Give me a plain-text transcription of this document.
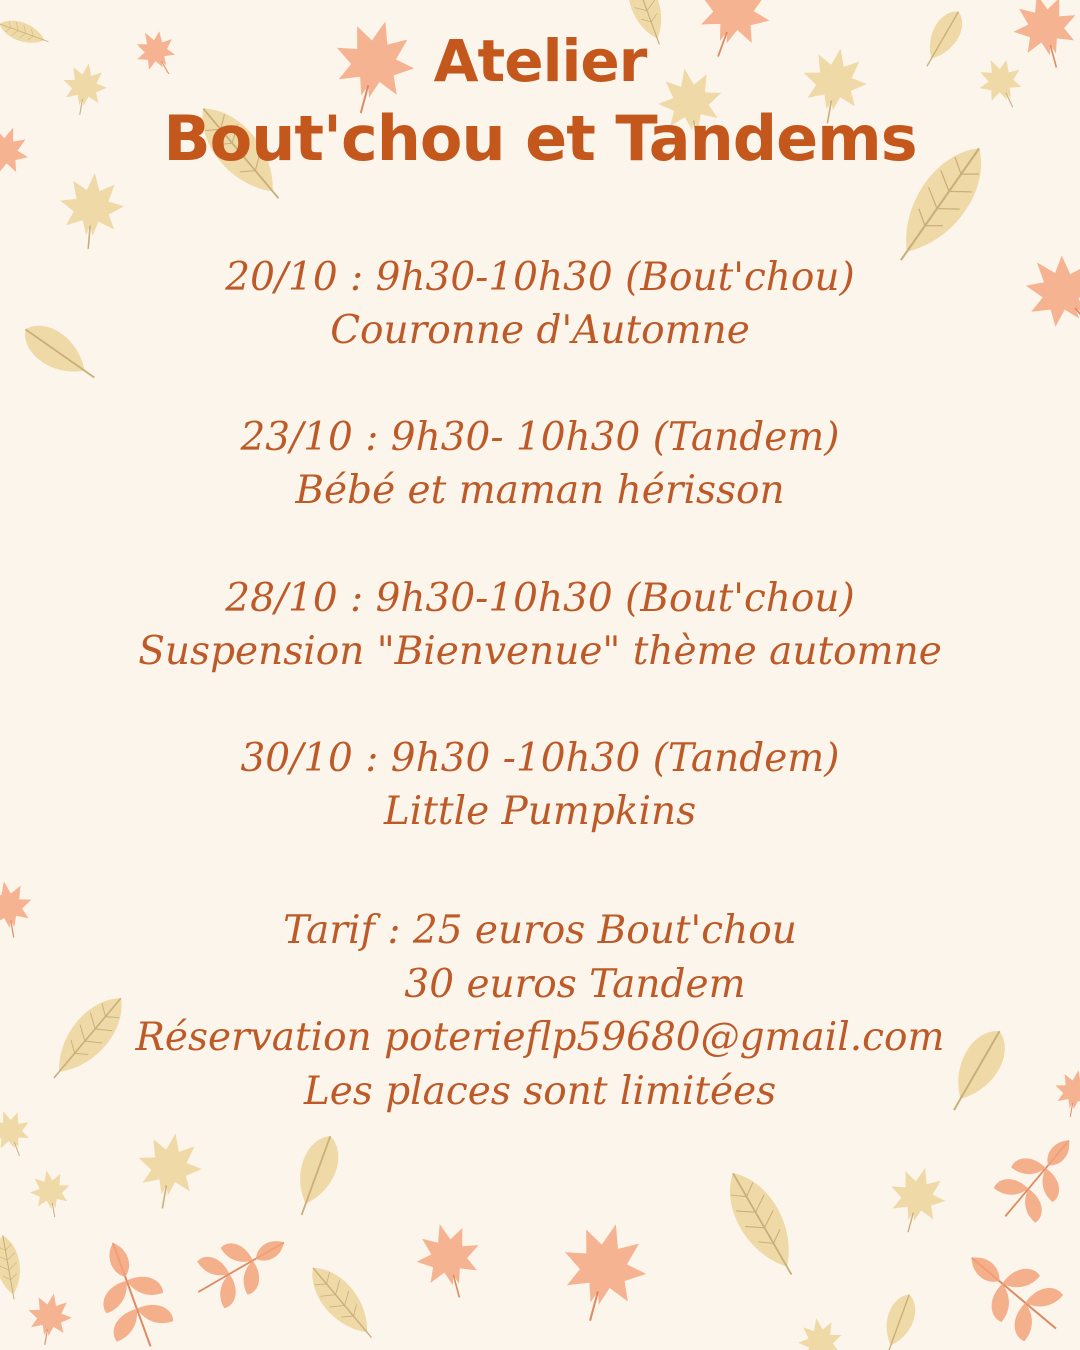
Atelier
Bout'chou et Tandems
20/10 : 9h30-10h30 (Bout'chou)
Couronne d'Automne
23/10 : 9h30- 10h30 (Tandem)
Bébé et maman hérisson
28/10 : 9h30-10h30 (Bout'chou)
Suspension "Bienvenue" thème automne
30/10 : 9h30 -10h30 (Tandem)
Little Pumpkins
Tarif : 25 euros Bout'chou
30 euros Tandem
Réservation poterieflp59680@gmail.com
Les places sont limitées
